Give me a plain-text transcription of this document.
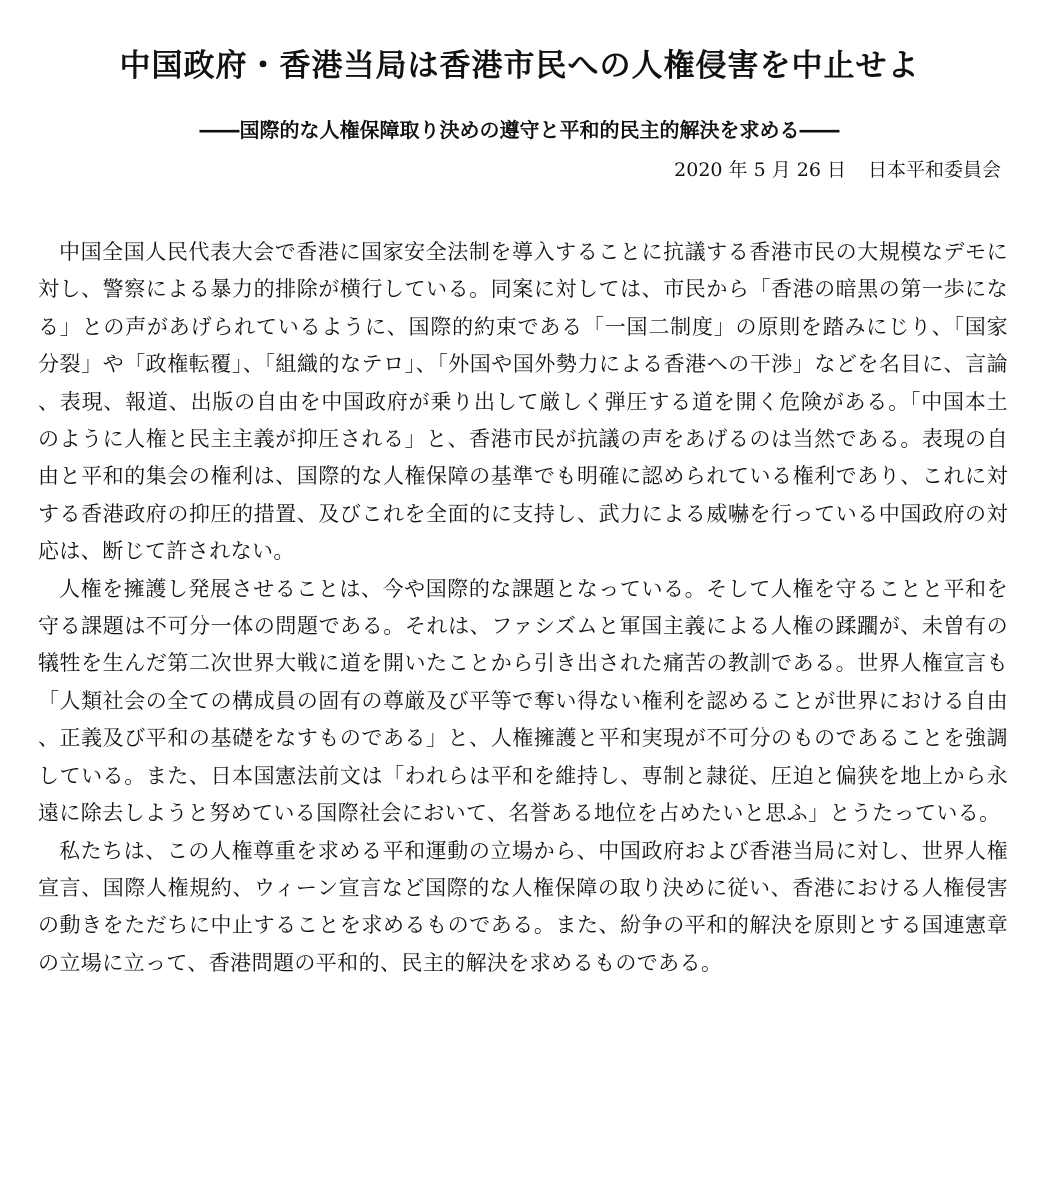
中国政府・香港当局は香港市民への人権侵害を中止せよ
――国際的な人権保障取り決めの遵守と平和的民主的解決を求める――
2020 年 5 月 26 日 日本平和委員会

中国全国人民代表大会で香港に国家安全法制を導入することに抗議する香港市民の大規模なデモに対し、警察による暴力的排除が横行している。同案に対しては、市民から「香港の暗黒の第一歩になる」との声があげられているように、国際的約束である「一国二制度」の原則を踏みにじり、「国家分裂」や「政権転覆」、「組織的なテロ」、「外国や国外勢力による香港への干渉」などを名目に、言論、表現、報道、出版の自由を中国政府が乗り出して厳しく弾圧する道を開く危険がある。「中国本土のように人権と民主主義が抑圧される」と、香港市民が抗議の声をあげるのは当然である。表現の自由と平和的集会の権利は、国際的な人権保障の基準でも明確に認められている権利であり、これに対する香港政府の抑圧的措置、及びこれを全面的に支持し、武力による威嚇を行っている中国政府の対応は、断じて許されない。

人権を擁護し発展させることは、今や国際的な課題となっている。そして人権を守ることと平和を守る課題は不可分一体の問題である。それは、ファシズムと軍国主義による人権の蹂躙が、未曽有の犠牲を生んだ第二次世界大戦に道を開いたことから引き出された痛苦の教訓である。世界人権宣言も「人類社会の全ての構成員の固有の尊厳及び平等で奪い得ない権利を認めることが世界における自由、正義及び平和の基礎をなすものである」と、人権擁護と平和実現が不可分のものであることを強調している。また、日本国憲法前文は「われらは平和を維持し、専制と隷従、圧迫と偏狭を地上から永遠に除去しようと努めている国際社会において、名誉ある地位を占めたいと思ふ」とうたっている。

私たちは、この人権尊重を求める平和運動の立場から、中国政府および香港当局に対し、世界人権宣言、国際人権規約、ウィーン宣言など国際的な人権保障の取り決めに従い、香港における人権侵害の動きをただちに中止することを求めるものである。また、紛争の平和的解決を原則とする国連憲章の立場に立って、香港問題の平和的、民主的解決を求めるものである。
